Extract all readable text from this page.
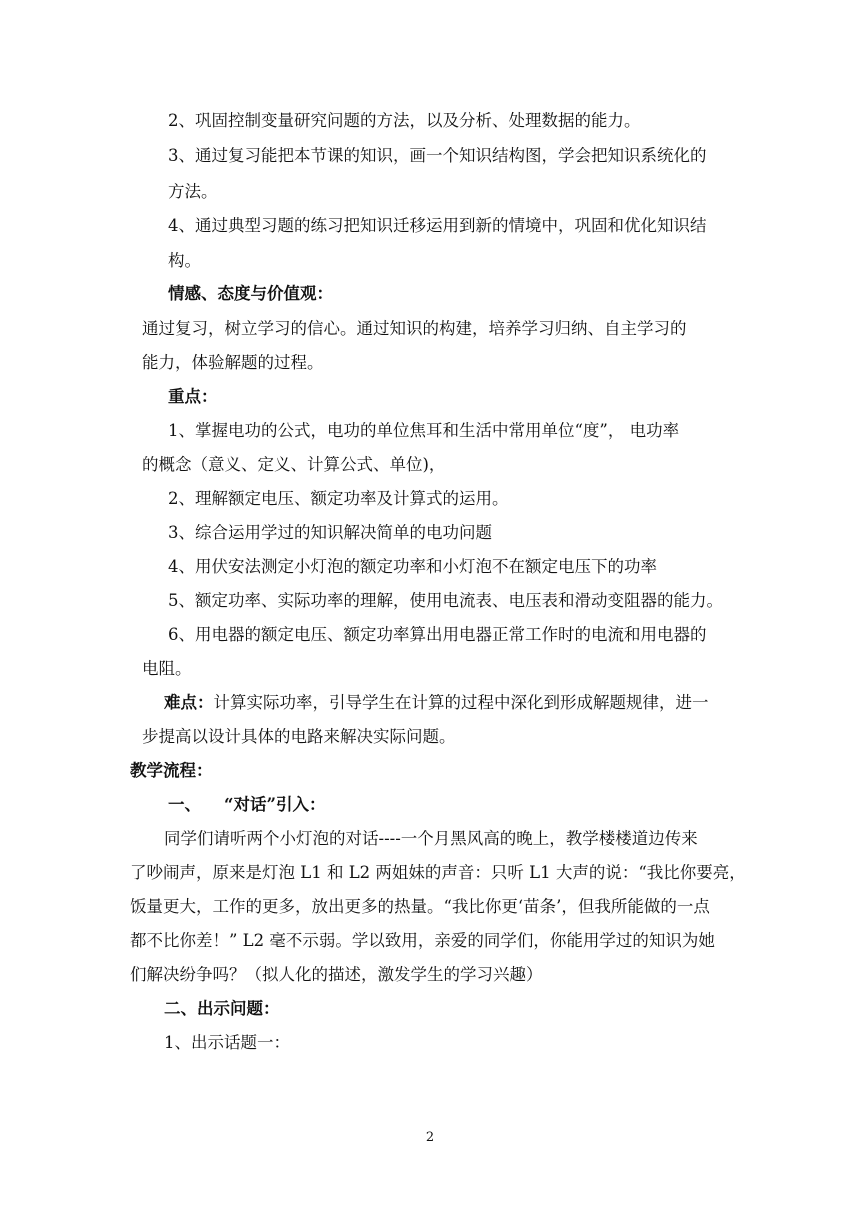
2、巩固控制变量研究问题的方法，以及分析、处理数据的能力。
3、通过复习能把本节课的知识，画一个知识结构图，学会把知识系统化的
方法。
4、通过典型习题的练习把知识迁移运用到新的情境中，巩固和优化知识结
构。
情感、态度与价值观：
通过复习，树立学习的信心。通过知识的构建，培养学习归纳、自主学习的
能力，体验解题的过程。
重点：
1、掌握电功的公式，电功的单位焦耳和生活中常用单位“度”， 电功率
的概念（意义、定义、计算公式、单位)，
2、理解额定电压、额定功率及计算式的运用。
3、综合运用学过的知识解决简单的电功问题
4、用伏安法测定小灯泡的额定功率和小灯泡不在额定电压下的功率
5、额定功率、实际功率的理解，使用电流表、电压表和滑动变阻器的能力。
6、用电器的额定电压、额定功率算出用电器正常工作时的电流和用电器的
电阻。
难点：计算实际功率，引导学生在计算的过程中深化到形成解题规律，进一
步提高以设计具体的电路来解决实际问题。
教学流程：
一、    “对话”引入：
同学们请听两个小灯泡的对话----一个月黑风高的晚上，教学楼楼道边传来
了吵闹声，原来是灯泡 L1 和 L2 两姐妹的声音：只听 L1 大声的说：“我比你要亮，
饭量更大，工作的更多，放出更多的热量。“我比你更‘苗条’，但我所能做的一点
都不比你差！” L2 毫不示弱。学以致用，亲爱的同学们，你能用学过的知识为她
们解决纷争吗？（拟人化的描述，激发学生的学习兴趣）
二、出示问题：
1、出示话题一：
2
